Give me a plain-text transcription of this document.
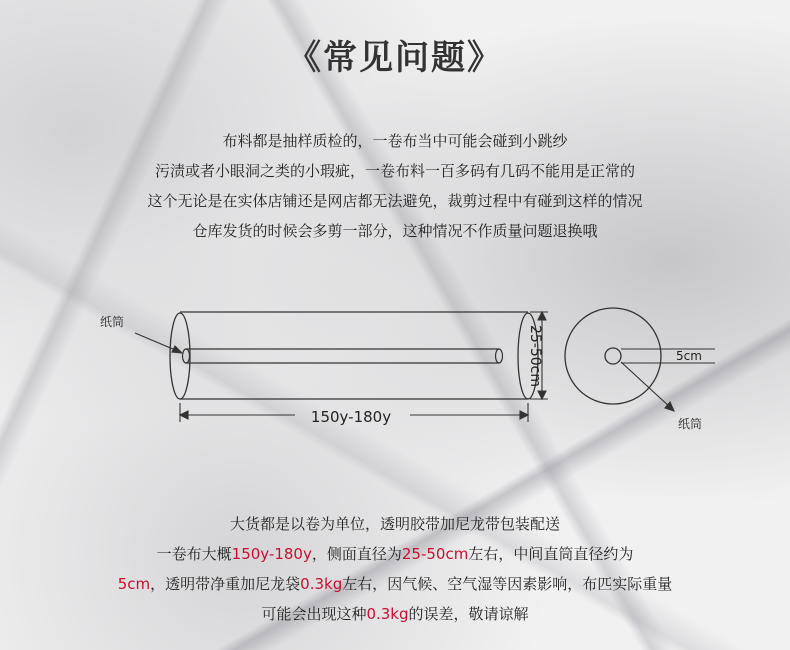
《常见问题》
布料都是抽样质检的，一卷布当中可能会碰到小跳纱
污渍或者小眼洞之类的小瑕疵，一卷布料一百多码有几码不能用是正常的
这个无论是在实体店铺还是网店都无法避免，裁剪过程中有碰到这样的情况
仓库发货的时候会多剪一部分，这种情况不作质量问题退换哦
纸筒
150y-180y
25-50cm	5cm
纸筒
大货都是以卷为单位，透明胶带加尼龙带包装配送
一卷布大概150y-180y，侧面直径为25-50cm左右，中间直筒直径约为
5cm，透明带净重加尼龙袋0.3kg左右，因气候、空气湿等因素影响，布匹实际重量
可能会出现这种0.3kg的误差，敬请谅解
